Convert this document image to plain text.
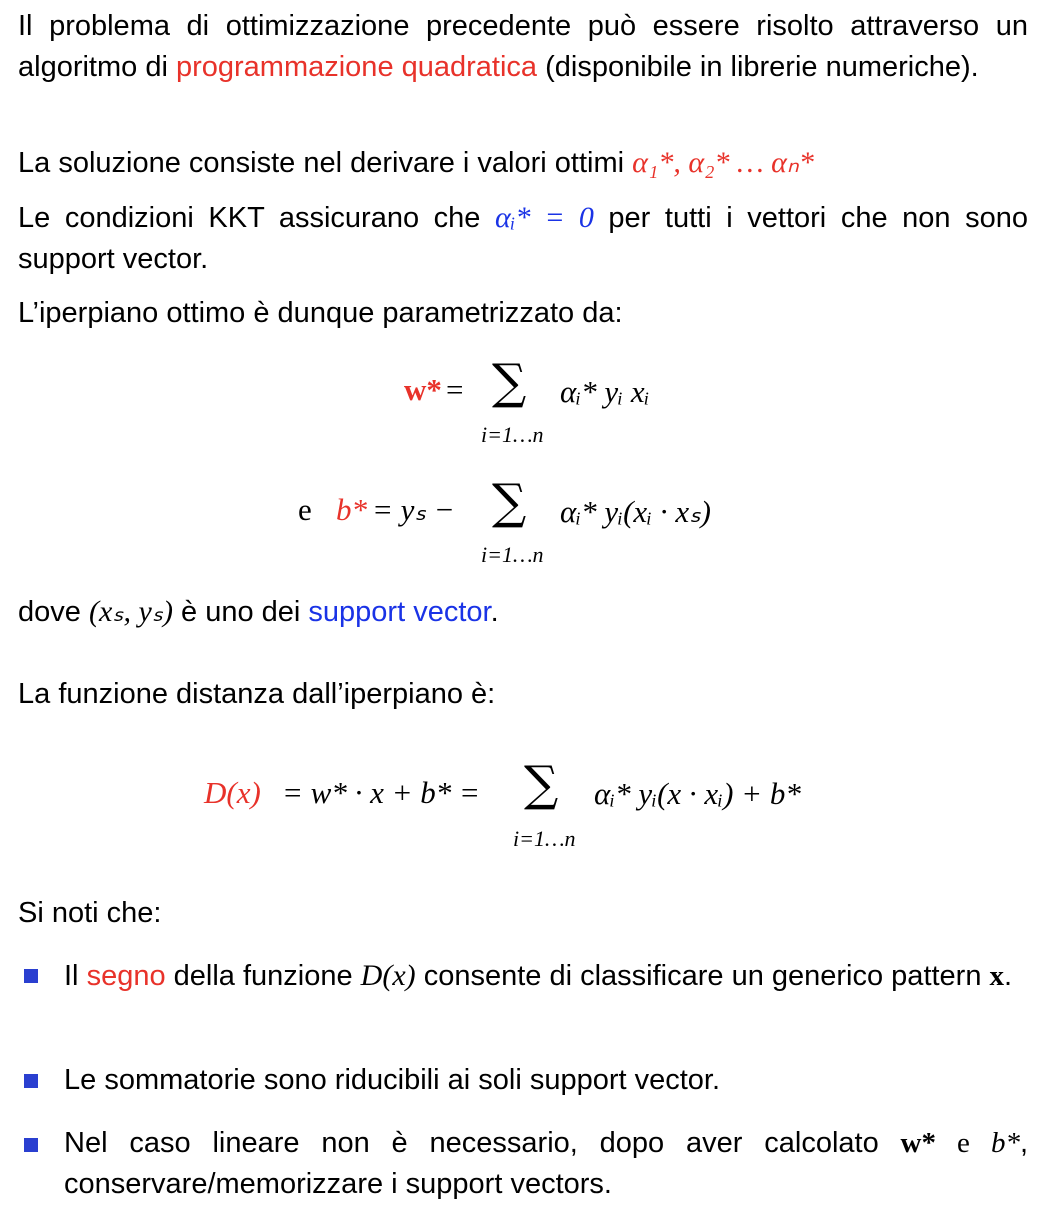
Il problema di ottimizzazione precedente può essere risolto attraverso un algoritmo di programmazione quadratica (disponibile in librerie numeriche).
La soluzione consiste nel derivare i valori ottimi α₁*, α₂* … αₙ*
Le condizioni KKT assicurano che αᵢ* = 0 per tutti i vettori che non sono support vector.
L’iperpiano ottimo è dunque parametrizzato da:
w* = ∑
i=1…n
αᵢ* yᵢ xᵢ
e b* = yₛ − ∑
i=1…n
αᵢ* yᵢ(xᵢ · xₛ)
dove (xₛ, yₛ) è uno dei support vector.
La funzione distanza dall’iperpiano è:
D(x) = w* · x + b* = ∑
i=1…n
αᵢ* yᵢ(x · xᵢ) + b*
Si noti che:
Il segno della funzione D(x) consente di classificare un generico pattern x.
Le sommatorie sono riducibili ai soli support vector.
Nel caso lineare non è necessario, dopo aver calcolato w* e b*, conservare/memorizzare i support vectors.
